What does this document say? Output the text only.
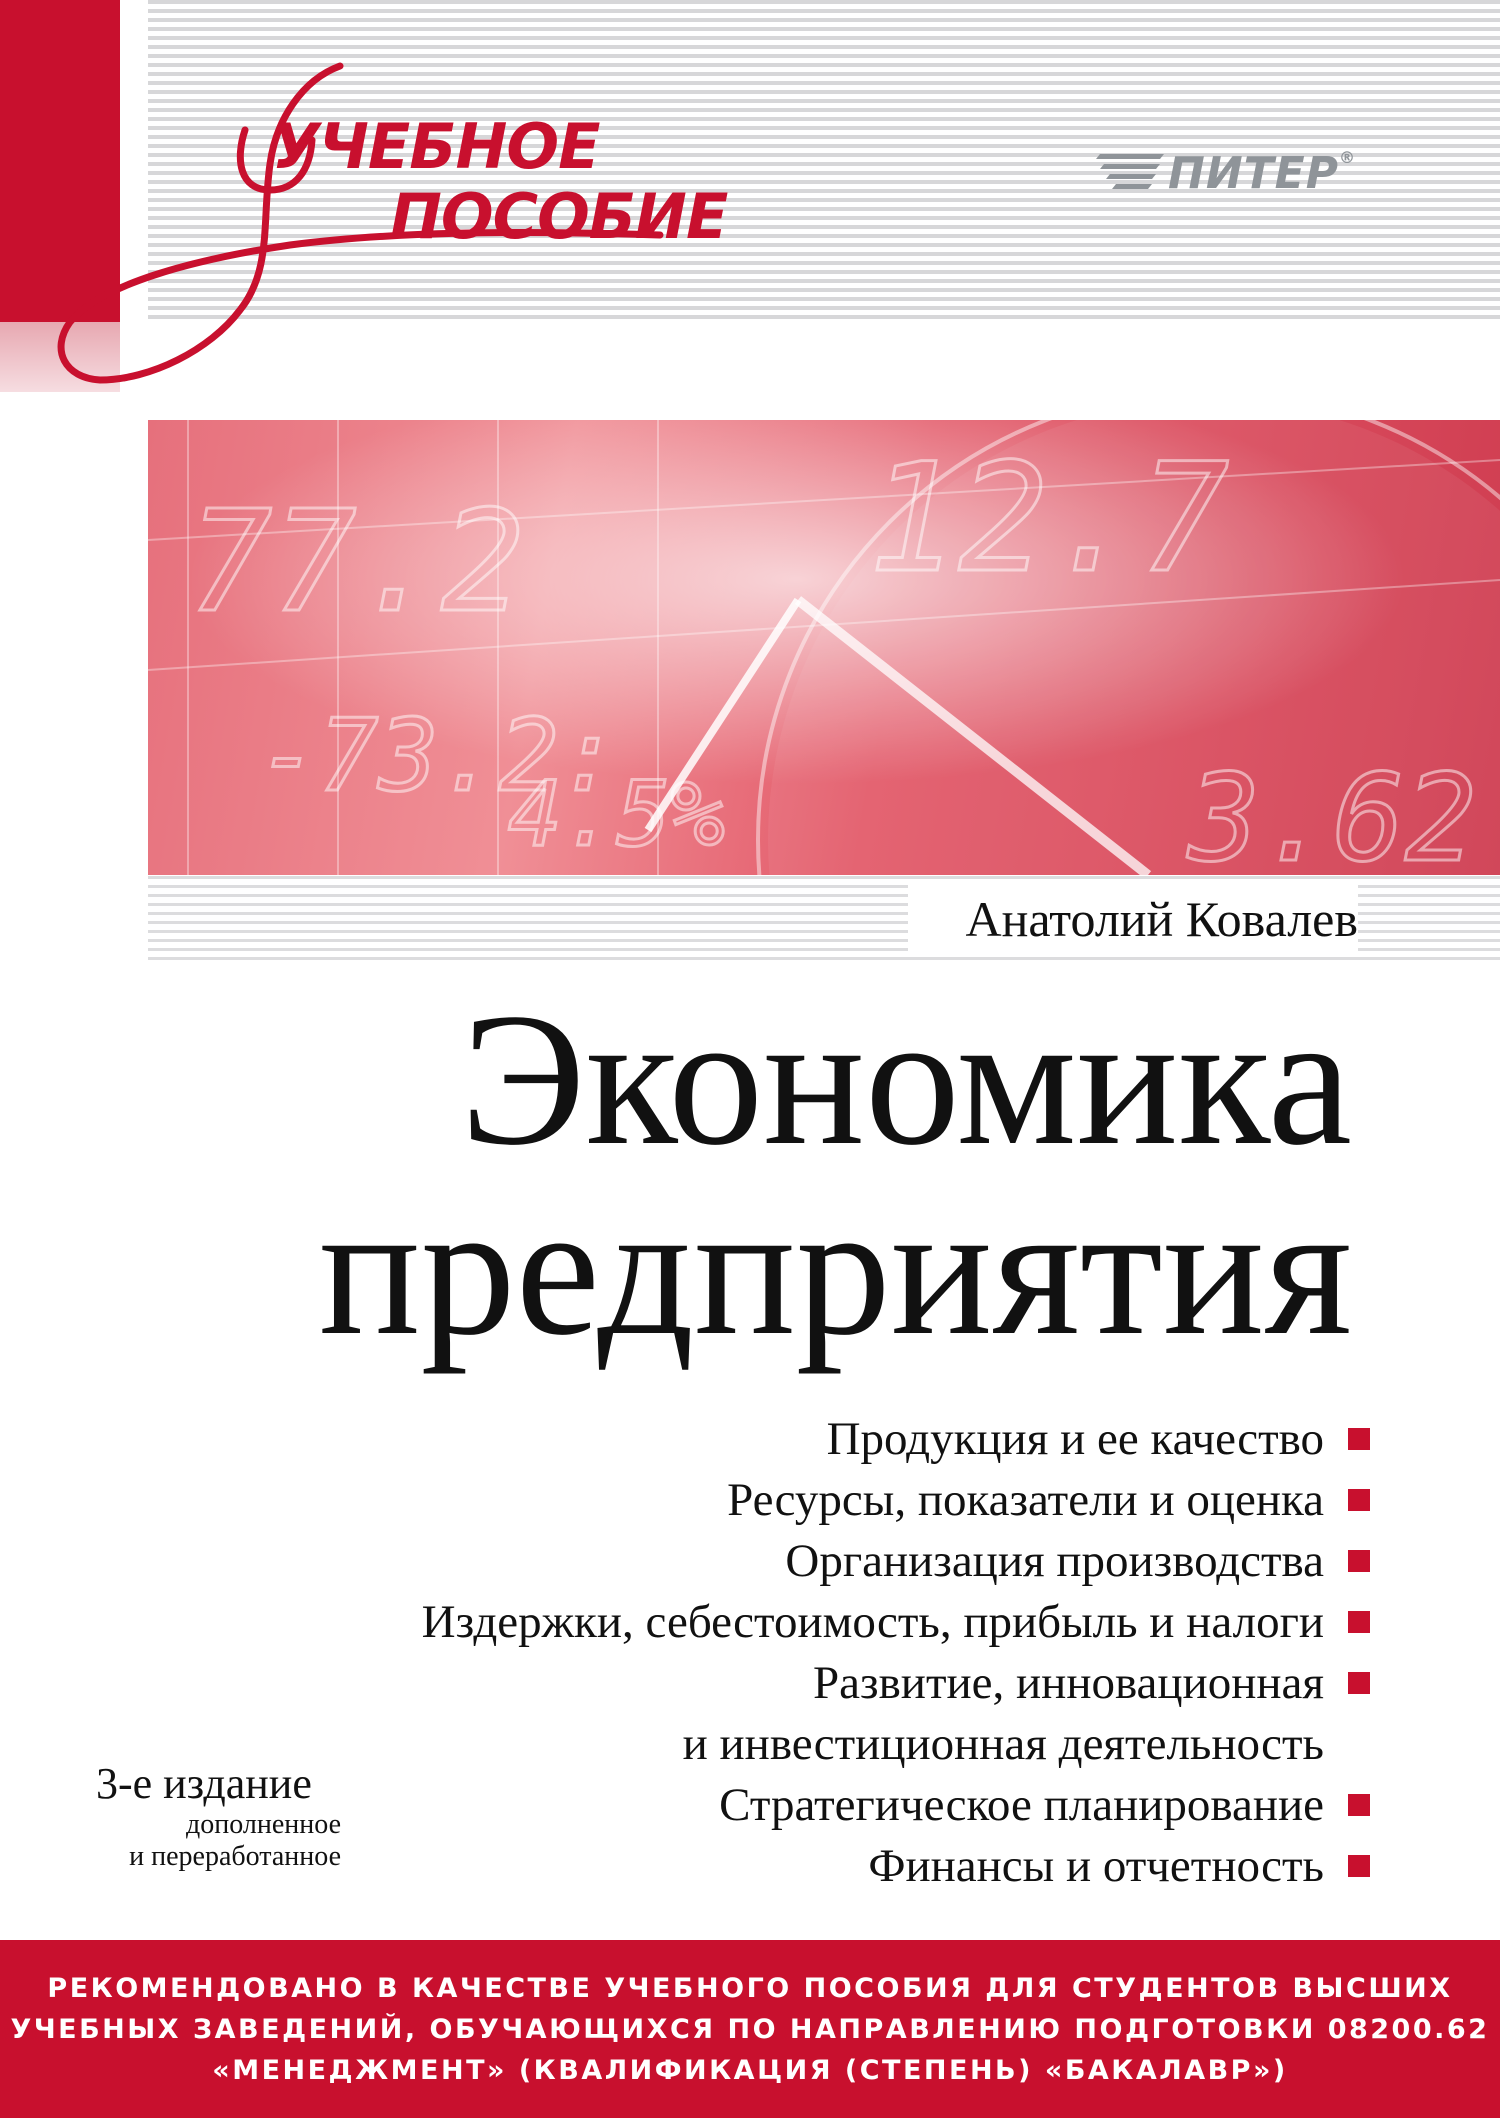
УЧЕБНОЕ
ПОСОБИЕ
ПИТЕР®
77.2 12.7
-73.2:
4.5%	3.62
Анатолий Ковалев
Экономика
предприятия
Продукция и ее качество
Ресурсы, показатели и оценка
Организация производства
Издержки, себестоимость, прибыль и налоги
Развитие, инновационная
и инвестиционная деятельность
Стратегическое планирование
Финансы и отчетность
3-е издание
дополненное
и переработанное
РЕКОМЕНДОВАНО В КАЧЕСТВЕ УЧЕБНОГО ПОСОБИЯ ДЛЯ СТУДЕНТОВ ВЫСШИХ
УЧЕБНЫХ ЗАВЕДЕНИЙ, ОБУЧАЮЩИХСЯ ПО НАПРАВЛЕНИЮ ПОДГОТОВКИ 08200.62
«МЕНЕДЖМЕНТ» (КВАЛИФИКАЦИЯ (СТЕПЕНЬ) «БАКАЛАВР»)
